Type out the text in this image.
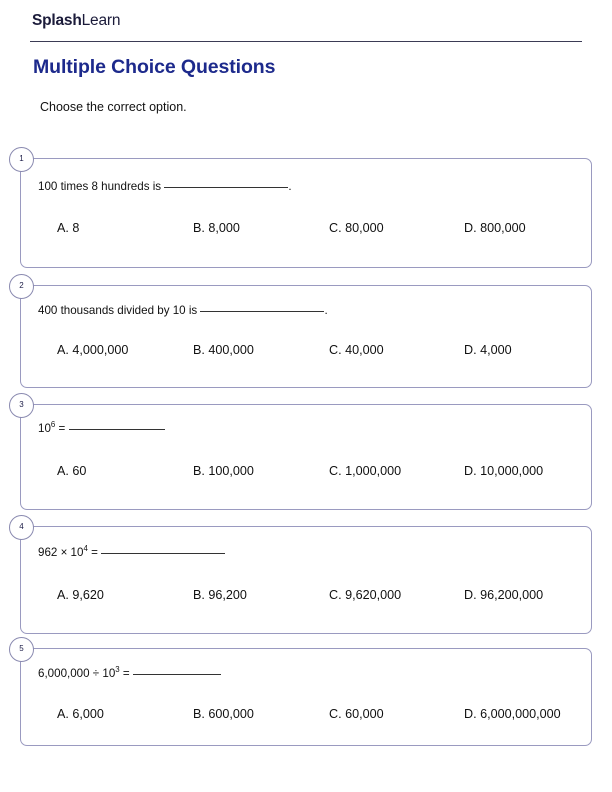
SplashLearn
Multiple Choice Questions
Choose the correct option.
1
100 times 8 hundreds is	.
A. 8	B. 8,000	C. 80,000	D. 800,000
2
400 thousands divided by 10 is	.
A. 4,000,000	B. 400,000	C. 40,000	D. 4,000
3
$10^6$ =
A. 60	B. 100,000	C. 1,000,000	D. 10,000,000
4
$962 \times 10^4$ =
A. 9,620	B. 96,200	C. 9,620,000	D. 96,200,000
5
$6,000,000 \div 10^3$ =
A. 6,000	B. 600,000	C. 60,000	D. 6,000,000,000
